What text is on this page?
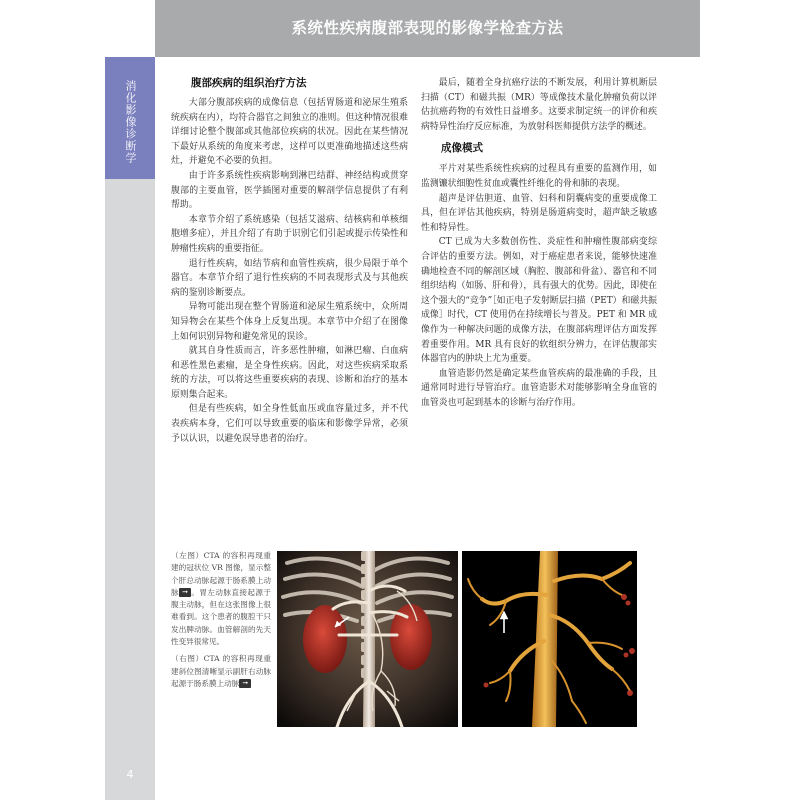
系统性疾病腹部表现的影像学检查方法
消化影像诊断学
4
腹部疾病的组织治疗方法

大部分腹部疾病的成像信息（包括胃肠道和泌尿生殖系统疾病在内），均符合器官之间独立的准则。但这种情况很难详细讨论整个腹部或其他部位疾病的状况。因此在某些情况下最好从系统的角度来考虑，这样可以更准确地描述这些病灶，并避免不必要的负担。

由于许多系统性疾病影响到淋巴结群、神经结构或贯穿腹部的主要血管，医学插图对重要的解剖学信息提供了有利帮助。

本章节介绍了系统感染（包括艾滋病、结核病和单核细胞增多症），并且介绍了有助于识别它们引起或提示传染性和肿瘤性疾病的重要指征。

退行性疾病，如结节病和血管性疾病，很少局限于单个器官。本章节介绍了退行性疾病的不同表现形式及与其他疾病的鉴别诊断要点。

异物可能出现在整个胃肠道和泌尿生殖系统中，众所周知异物会在某些个体身上反复出现。本章节中介绍了在图像上如何识别异物和避免常见的误诊。

就其自身性质而言，许多恶性肿瘤，如淋巴瘤、白血病和恶性黑色素瘤，是全身性疾病。因此，对这些疾病采取系统的方法，可以将这些重要疾病的表现、诊断和治疗的基本原则集合起来。

但是有些疾病，如全身性低血压或血容量过多，并不代表疾病本身，它们可以导致重要的临床和影像学异常，必须予以认识，以避免误导患者的治疗。

最后，随着全身抗癌疗法的不断发展，利用计算机断层扫描（CT）和磁共振（MR）等成像技术量化肿瘤负荷以评估抗癌药物的有效性日益增多。这要求制定统一的评价和疾病特异性治疗反应标准，为放射科医师提供方法学的概述。

成像模式

平片对某些系统性疾病的过程具有重要的监测作用，如监测镰状细胞性贫血或囊性纤维化的骨和肺的表现。

超声是评估胆道、血管、妇科和阴囊病变的重要成像工具，但在评估其他疾病，特别是肠道病变时，超声缺乏敏感性和特异性。

CT 已成为大多数创伤性、炎症性和肿瘤性腹部病变综合评估的重要方法。例如，对于癌症患者来说，能够快速准确地检查不同的解剖区域（胸腔、腹部和骨盆）、器官和不同组织结构（如肠、肝和骨），具有强大的优势。因此，即使在这个强大的“竞争”［如正电子发射断层扫描（PET）和磁共振成像］时代，CT 使用仍在持续增长与普及。PET 和 MR 成像作为一种解决问题的成像方法，在腹部病理评估方面发挥着重要作用。MR 具有良好的软组织分辨力，在评估腹部实体器官内的肿块上尤为重要。

血管造影仍然是确定某些血管疾病的最准确的手段，且通常同时进行导管治疗。血管造影术对能够影响全身血管的血管炎也可起到基本的诊断与治疗作用。

（左图）CTA 的容积再现重建的冠状位 VR 图像，显示整个肝总动脉起源于肠系膜上动脉 ➞ 。胃左动脉直接起源于腹主动脉，但在这张图像上很难看到。这个患者的腹腔干只发出脾动脉。血管解剖的先天性变异很常见。

（右图）CTA 的容积再现重建斜位图清晰显示副肝右动脉起源于肠系膜上动脉 ➞
